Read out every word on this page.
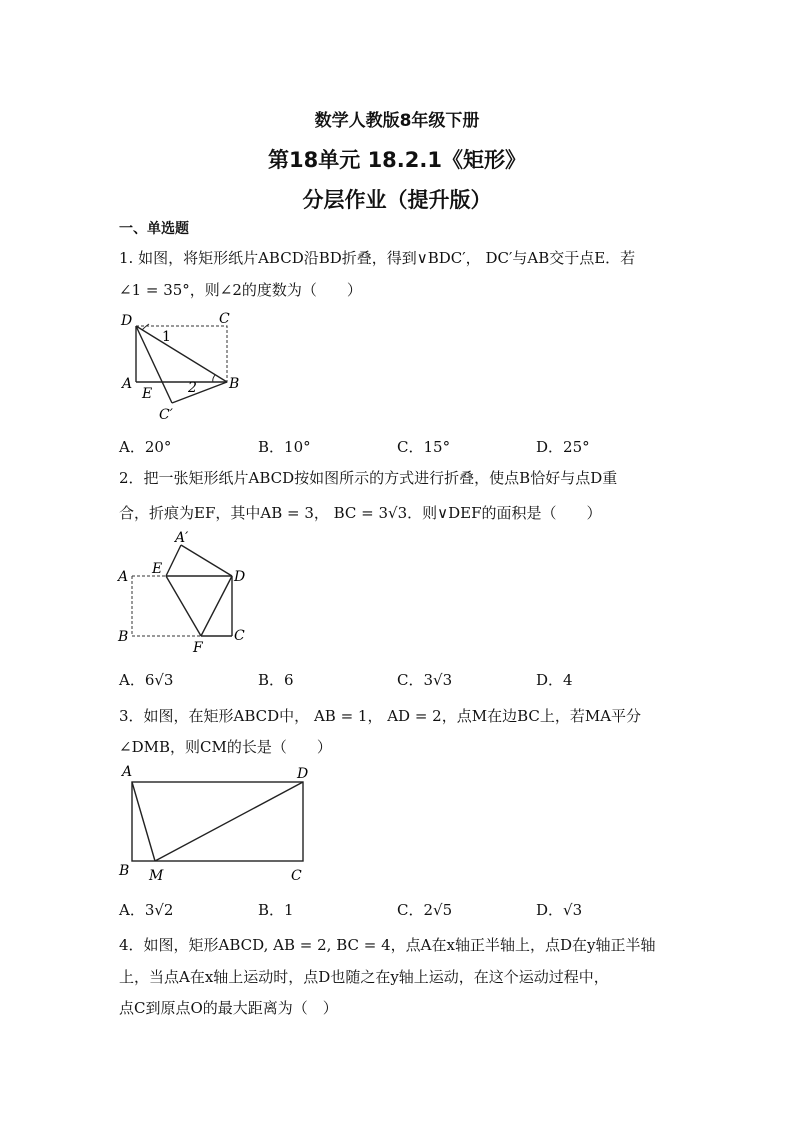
数学人教版8年级下册
第18单元 18.2.1《矩形》
分层作业（提升版）
一、单选题
1. 如图，将矩形纸片ABCD沿BD折叠，得到∨BDC′， DC′与AB交于点E．若
∠1 = 35°，则∠2的度数为（　　）
D	C
A
E
B
C′
1
2
A．20°	B．10°	C．15°	D．25°
2．把一张矩形纸片ABCD按如图所示的方式进行折叠，使点B恰好与点D重
合，折痕为EF，其中AB = 3， BC = 3√3．则∨DEF的面积是（　　）
A′
A E	D
B
F
C
A．6√3	B．6	C．3√3	D．4
3．如图，在矩形ABCD中， AB = 1， AD = 2，点M在边BC上，若MA平分
∠DMB，则CM的长是（　　）
A	D
B M	C
A．3√2	B．1	C．2√5	D．√3
4．如图，矩形ABCD, AB = 2, BC = 4，点A在x轴正半轴上，点D在y轴正半轴
上，当点A在x轴上运动时，点D也随之在y轴上运动，在这个运动过程中，
点C到原点O的最大距离为（　）
